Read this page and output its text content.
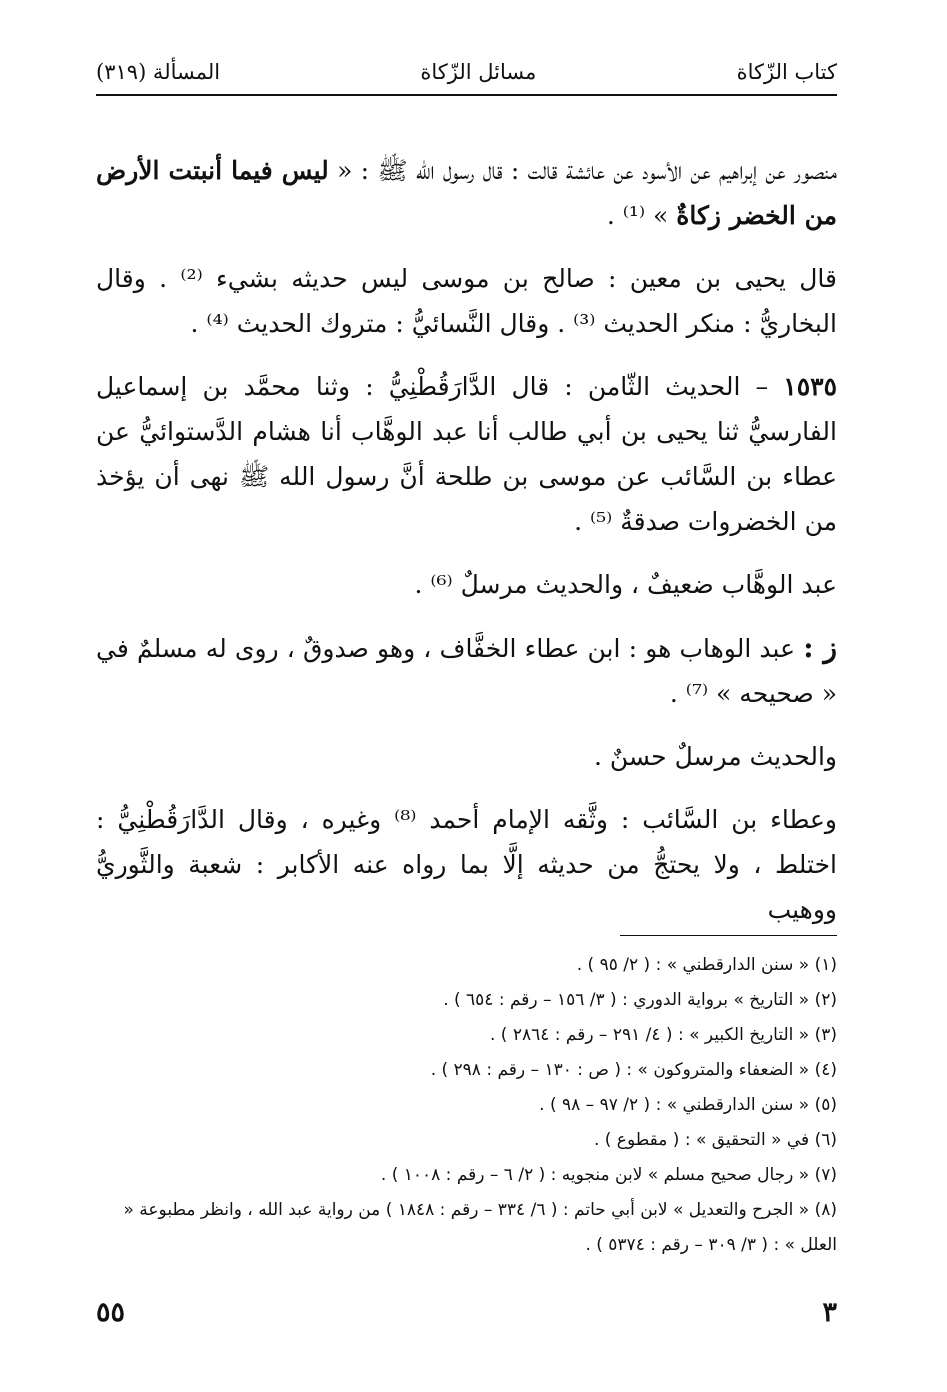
كتاب الزّكاة
مسائل الزّكاة
المسألة (٣١٩)

منصور عن إبراهيم عن الأسود عن عائشة قالت : قال رسول الله ﷺ : « ليس فيما أنبتت الأرض من الخضر زكاةٌ » ⁽¹⁾ .

قال يحيى بن معين : صالح بن موسى ليس حديثه بشيء ⁽²⁾ . وقال البخاريُّ : منكر الحديث ⁽³⁾ . وقال النَّسائيُّ : متروك الحديث ⁽⁴⁾ .

١٥٣٥ – الحديث الثّامن : قال الدَّارَقُطْنِيُّ : وثنا محمَّد بن إسماعيل الفارسيُّ ثنا يحيى بن أبي طالب أنا عبد الوهَّاب أنا هشام الدَّستوائيُّ عن عطاء بن السَّائب عن موسى بن طلحة أنَّ رسول الله ﷺ نهى أن يؤخذ من الخضروات صدقةٌ ⁽⁵⁾ .

عبد الوهَّاب ضعيفٌ ، والحديث مرسلٌ ⁽⁶⁾ .

ز : عبد الوهاب هو : ابن عطاء الخفَّاف ، وهو صدوقٌ ، روى له مسلمٌ في « صحيحه » ⁽⁷⁾ .

والحديث مرسلٌ حسنٌ .

وعطاء بن السَّائب : وثَّقه الإمام أحمد ⁽⁸⁾ وغيره ، وقال الدَّارَقُطْنِيُّ : اختلط ، ولا يحتجُّ من حديثه إلَّا بما رواه عنه الأكابر : شعبة والثَّوريُّ ووهيب

(١) « سنن الدارقطني » : ( ٢/ ٩٥ ) .

(٢) « التاريخ » برواية الدوري : ( ٣/ ١٥٦ – رقم : ٦٥٤ ) .

(٣) « التاريخ الكبير » : ( ٤/ ٢٩١ – رقم : ٢٨٦٤ ) .

(٤) « الضعفاء والمتروكون » : ( ص : ١٣٠ – رقم : ٢٩٨ ) .

(٥) « سنن الدارقطني » : ( ٢/ ٩٧ – ٩٨ ) .

(٦) في « التحقيق » : ( مقطوع ) .

(٧) « رجال صحيح مسلم » لابن منجويه : ( ٢/ ٦ – رقم : ١٠٠٨ ) .

(٨) « الجرح والتعديل » لابن أبي حاتم : ( ٦/ ٣٣٤ – رقم : ١٨٤٨ ) من رواية عبد الله ، وانظر مطبوعة « العلل » : ( ٣/ ٣٠٩ – رقم : ٥٣٧٤ ) .

٣
٥٥
